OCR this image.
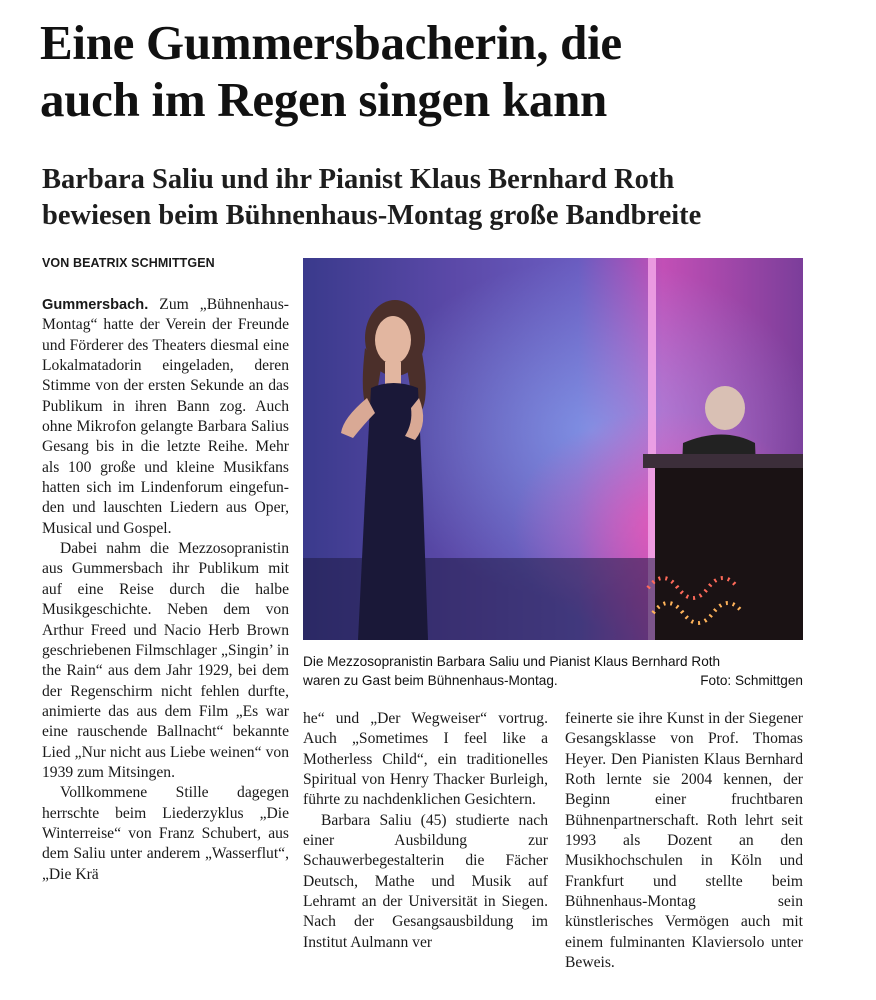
Eine Gummersbacherin, die
auch im Regen singen kann
Barbara Saliu und ihr Pianist Klaus Bernhard Roth
bewiesen beim Bühnenhaus-Montag große Bandbreite
VON BEATRIX SCHMITTGEN

Gummersbach. Zum „Bühnenhaus-Montag“ hatte der Verein der Freunde und Förderer des Theaters diesmal eine Lokalmatadorin eingeladen, deren Stimme von der ersten Sekunde an das Publikum in ihren Bann zog. Auch ohne Mikrofon gelangte Barbara Salius Gesang bis in die letzte Reihe. Mehr als 100 große und kleine Musikfans hatten sich im Lindenforum eingefunden und lauschten Liedern aus Oper, Musical und Gospel.

Dabei nahm die Mezzosopranistin aus Gummersbach ihr Publikum mit auf eine Reise durch die halbe Musikgeschichte. Neben dem von Arthur Freed und Nacio Herb Brown geschriebenen Filmschlager „Singin’ in the Rain“ aus dem Jahr 1929, bei dem der Regenschirm nicht fehlen durfte, animierte das aus dem Film „Es war eine rauschende Ballnacht“ bekannte Lied „Nur nicht aus Liebe weinen“ von 1939 zum Mitsingen.

Vollkommene Stille dagegen herrschte beim Liederzyklus „Die Winterreise“ von Franz Schubert, aus dem Saliu unter anderem „Wasserflut“, „Die Krä

Die Mezzosopranistin Barbara Saliu und Pianist Klaus Bernhard Roth
waren zu Gast beim Bühnenhaus-Montag.	Foto: Schmittgen

he“ und „Der Wegweiser“ vortrug. Auch „Sometimes I feel like a Motherless Child“, ein traditionelles Spiritual von Henry Thacker Burleigh, führte zu nachdenklichen Gesichtern.

Barbara Saliu (45) studierte nach einer Ausbildung zur Schauwerbegestalterin die Fächer Deutsch, Mathe und Musik auf Lehramt an der Universität in Siegen. Nach der Gesangsausbildung im Institut Aulmann ver

feinerte sie ihre Kunst in der Siegener Gesangsklasse von Prof. Thomas Heyer. Den Pianisten Klaus Bernhard Roth lernte sie 2004 kennen, der Beginn einer fruchtbaren Bühnenpartnerschaft. Roth lehrt seit 1993 als Dozent an den Musikhochschulen in Köln und Frankfurt und stellte beim Bühnenhaus-Montag sein künstlerisches Vermögen auch mit einem fulminanten Klaviersolo unter Beweis.
